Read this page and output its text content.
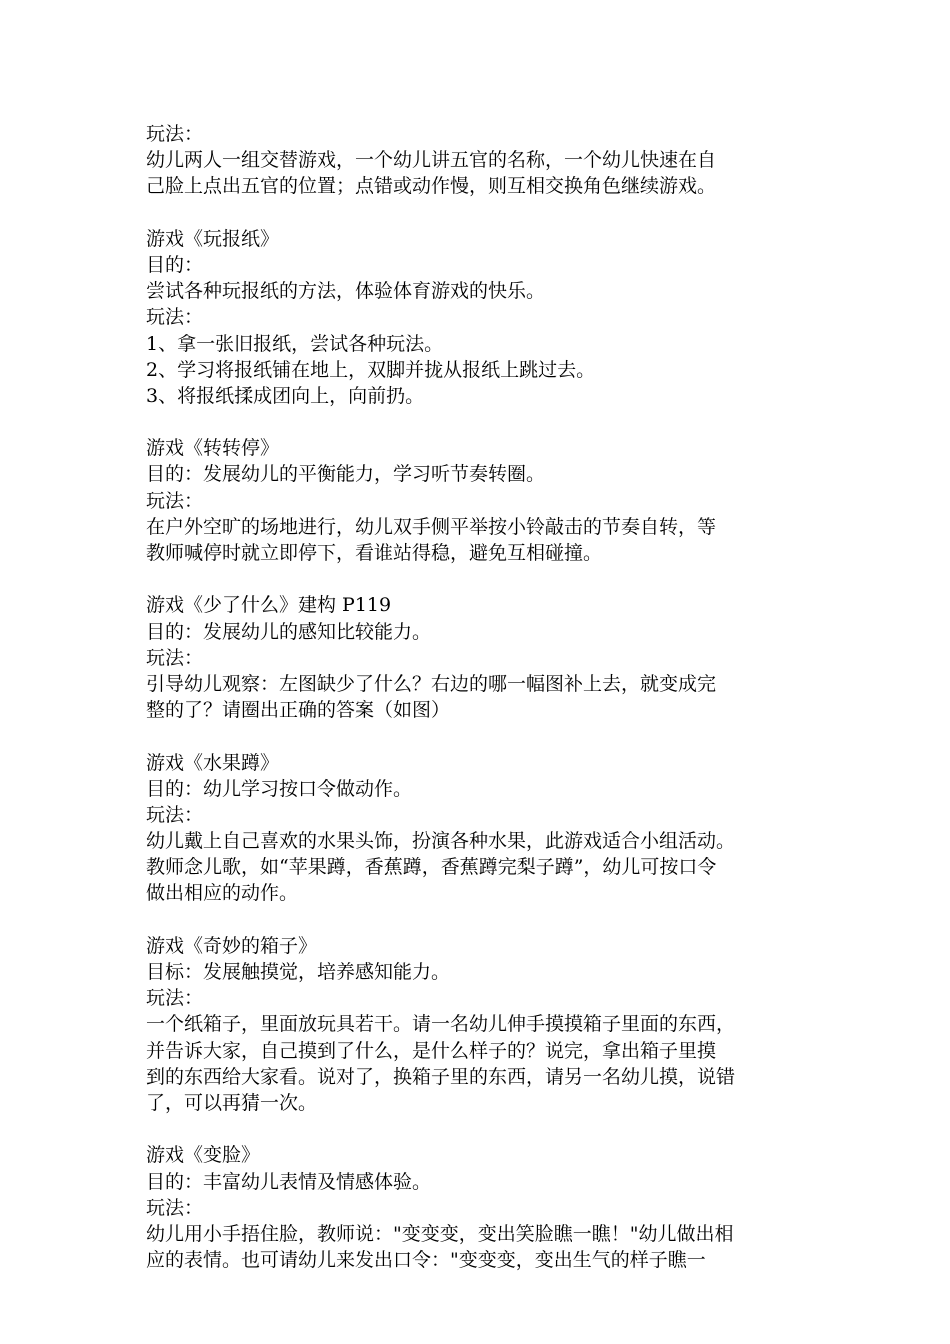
玩法：
幼儿两人一组交替游戏，一个幼儿讲五官的名称，一个幼儿快速在自
己脸上点出五官的位置；点错或动作慢，则互相交换角色继续游戏。
游戏《玩报纸》
目的：
尝试各种玩报纸的方法，体验体育游戏的快乐。
玩法：
1、拿一张旧报纸，尝试各种玩法。
2、学习将报纸铺在地上，双脚并拢从报纸上跳过去。
3、将报纸揉成团向上，向前扔。
游戏《转转停》
目的：发展幼儿的平衡能力，学习听节奏转圈。
玩法：
在户外空旷的场地进行，幼儿双手侧平举按小铃敲击的节奏自转，等
教师喊停时就立即停下，看谁站得稳，避免互相碰撞。
游戏《少了什么》建构 P119
目的：发展幼儿的感知比较能力。
玩法：
引导幼儿观察：左图缺少了什么？右边的哪一幅图补上去，就变成完
整的了？请圈出正确的答案（如图）
游戏《水果蹲》
目的：幼儿学习按口令做动作。
玩法：
幼儿戴上自己喜欢的水果头饰，扮演各种水果，此游戏适合小组活动。
教师念儿歌，如“苹果蹲，香蕉蹲，香蕉蹲完梨子蹲”，幼儿可按口令
做出相应的动作。
游戏《奇妙的箱子》
目标：发展触摸觉，培养感知能力。
玩法：
一个纸箱子，里面放玩具若干。请一名幼儿伸手摸摸箱子里面的东西，
并告诉大家，自己摸到了什么，是什么样子的？说完，拿出箱子里摸
到的东西给大家看。说对了，换箱子里的东西，请另一名幼儿摸，说错
了，可以再猜一次。
游戏《变脸》
目的：丰富幼儿表情及情感体验。
玩法：
幼儿用小手捂住脸，教师说："变变变，变出笑脸瞧一瞧！"幼儿做出相
应的表情。也可请幼儿来发出口令："变变变，变出生气的样子瞧一
